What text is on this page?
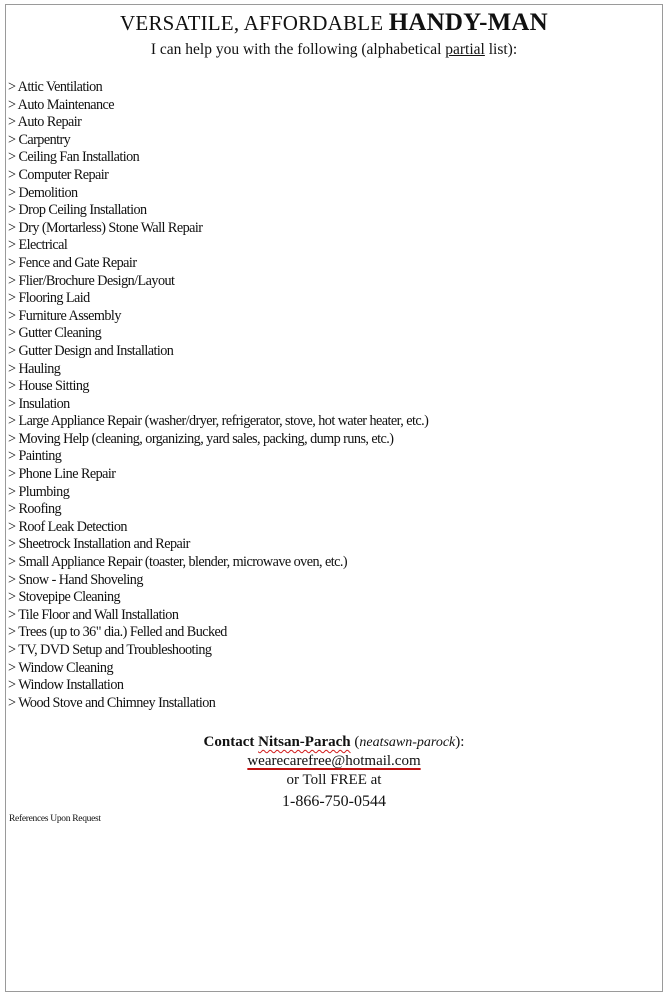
VERSATILE, AFFORDABLE HANDY-MAN
I can help you with the following (alphabetical partial list):
> Attic Ventilation
> Auto Maintenance
> Auto Repair
> Carpentry
> Ceiling Fan Installation
> Computer Repair
> Demolition
> Drop Ceiling Installation
> Dry (Mortarless) Stone Wall Repair
> Electrical
> Fence and Gate Repair
> Flier/Brochure Design/Layout
> Flooring Laid
> Furniture Assembly
> Gutter Cleaning
> Gutter Design and Installation
> Hauling
> House Sitting
> Insulation
> Large Appliance Repair (washer/dryer, refrigerator, stove, hot water heater, etc.)
> Moving Help (cleaning, organizing, yard sales, packing, dump runs, etc.)
> Painting
> Phone Line Repair
> Plumbing
> Roofing
> Roof Leak Detection
> Sheetrock Installation and Repair
> Small Appliance Repair (toaster, blender, microwave oven, etc.)
> Snow - Hand Shoveling
> Stovepipe Cleaning
> Tile Floor and Wall Installation
> Trees (up to 36" dia.) Felled and Bucked
> TV, DVD Setup and Troubleshooting
> Window Cleaning
> Window Installation
> Wood Stove and Chimney Installation
Contact Nitsan-Parach (neatsawn-parock):
wearecarefree@hotmail.com
or Toll FREE at
1-866-750-0544
References Upon Request
